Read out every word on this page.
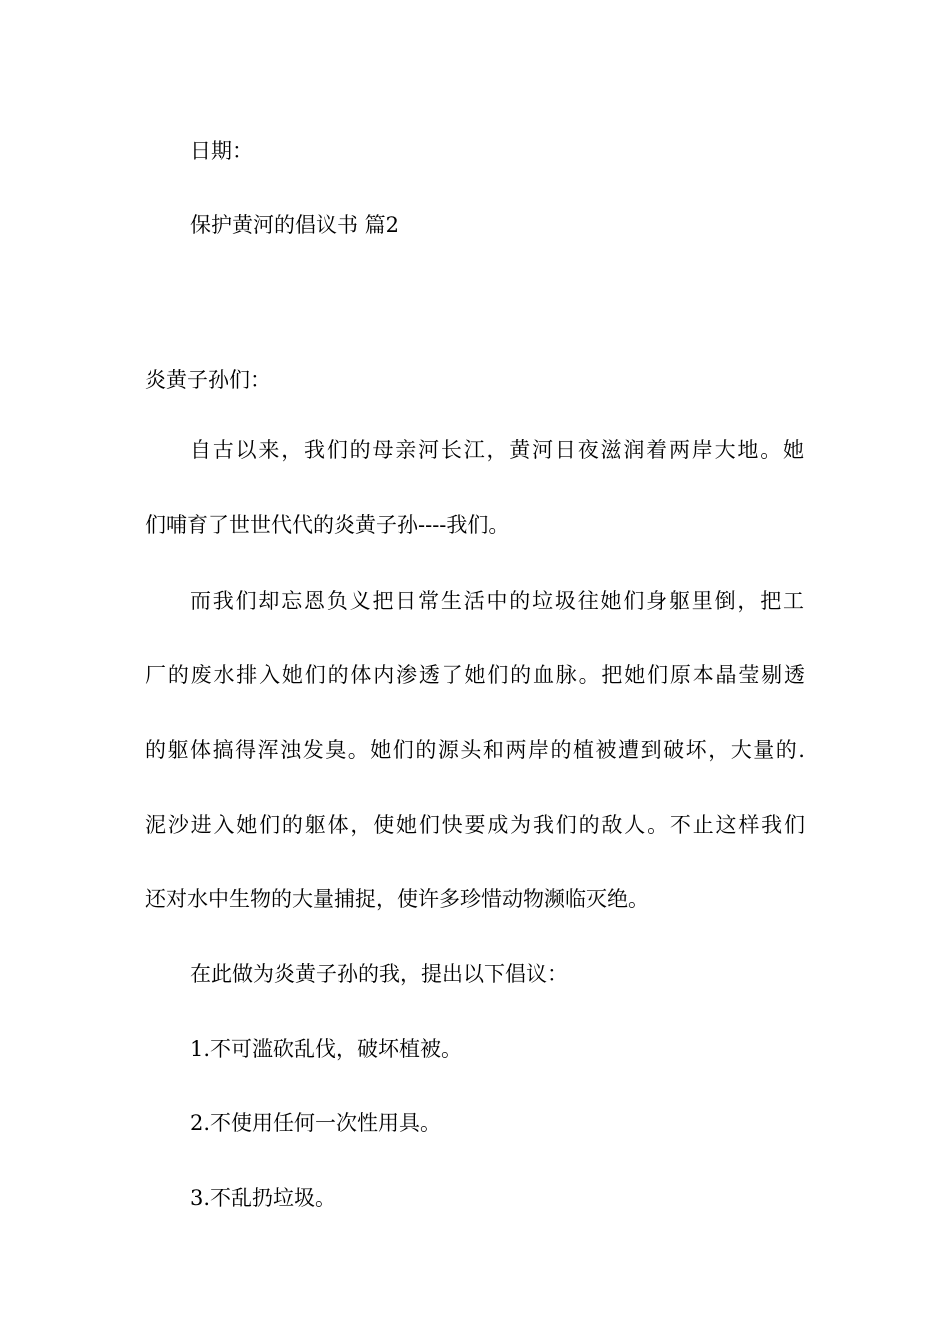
日期：
保护黄河的倡议书 篇2
炎黄子孙们：
自古以来，我们的母亲河长江，黄河日夜滋润着两岸大地。她
们哺育了世世代代的炎黄子孙----我们。
而我们却忘恩负义把日常生活中的垃圾往她们身躯里倒，把工
厂的废水排入她们的体内渗透了她们的血脉。把她们原本晶莹剔透
的躯体搞得浑浊发臭。她们的源头和两岸的植被遭到破坏，大量的.
泥沙进入她们的躯体，使她们快要成为我们的敌人。不止这样我们
还对水中生物的大量捕捉，使许多珍惜动物濒临灭绝。
在此做为炎黄子孙的我，提出以下倡议：
1.不可滥砍乱伐，破坏植被。
2.不使用任何一次性用具。
3.不乱扔垃圾。
